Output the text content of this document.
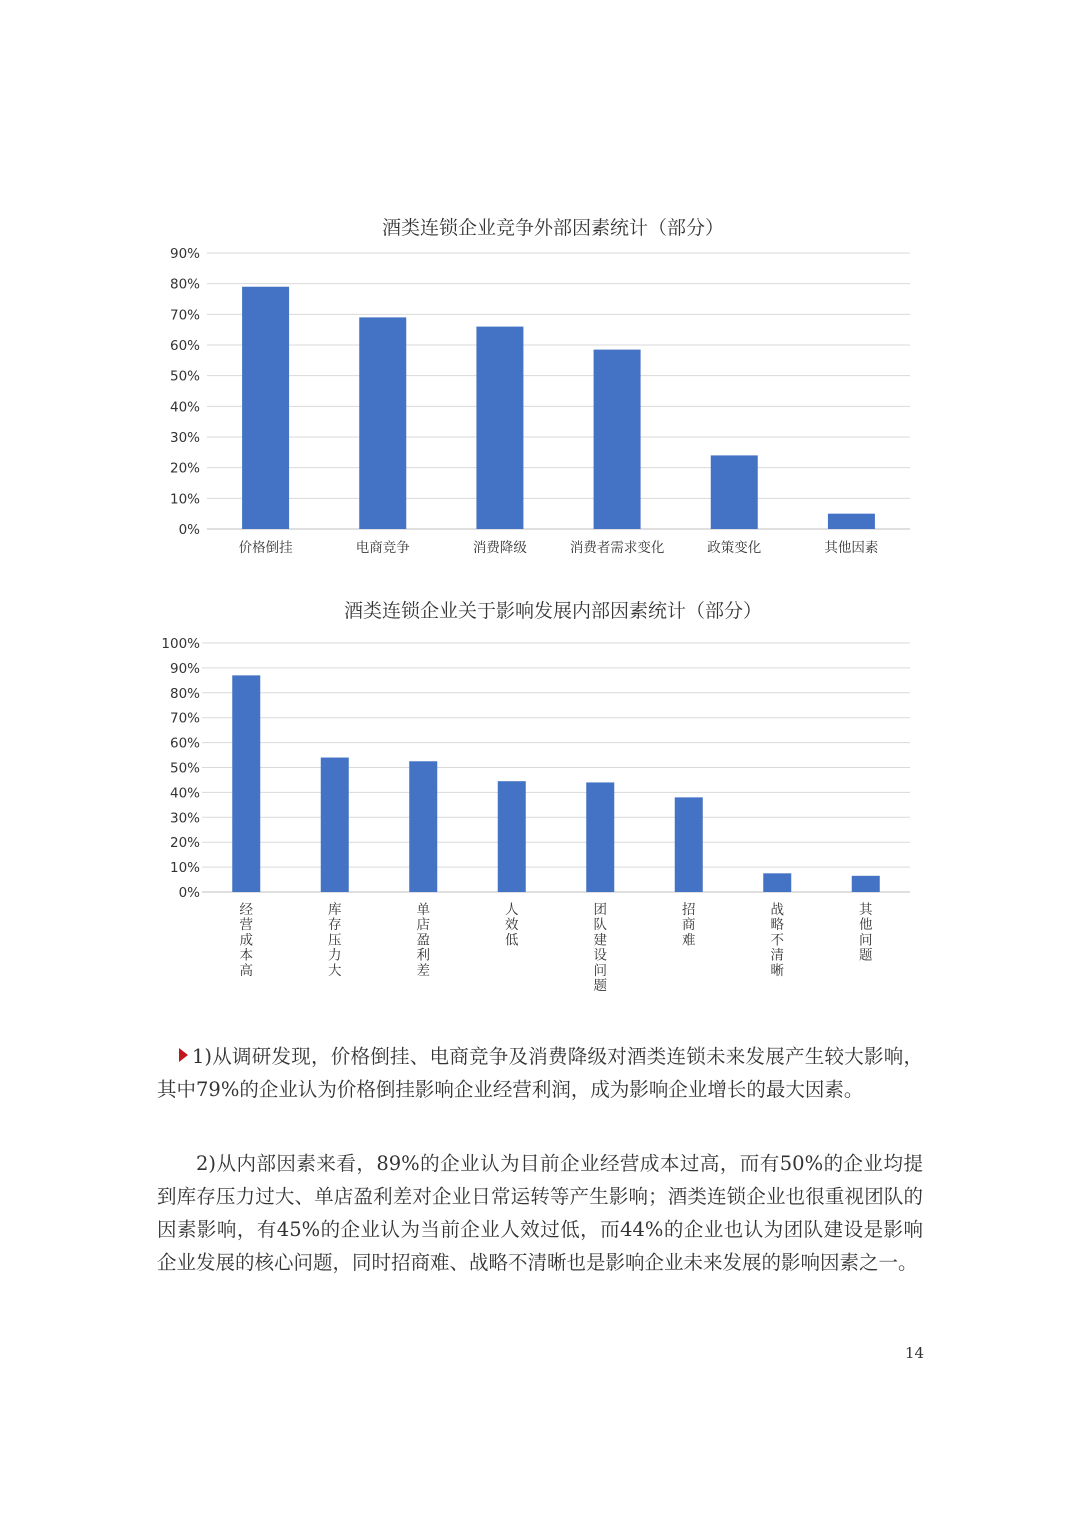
酒类连锁企业竞争外部因素统计（部分）
0%
10%
20%
30%
40%
50%
60%
70%
80%
90%
价格倒挂	电商竞争	消费降级	消费者需求变化	政策变化	其他因素
酒类连锁企业关于影响发展内部因素统计（部分）
0%
10%
20%
30%
40%
50%
60%
70%
80%
90%
100%
经营成本高
库存压力大
单店盈利差
人效低
团队建设问题
招商难
战略不清晰
其他问题
1)从调研发现，价格倒挂、电商竞争及消费降级对酒类连锁未来发展产生较大影响，其中79%的企业认为价格倒挂影响企业经营利润，成为影响企业增长的最大因素。
2)从内部因素来看，89%的企业认为目前企业经营成本过高，而有50%的企业均提到库存压力过大、单店盈利差对企业日常运转等产生影响；酒类连锁企业也很重视团队的因素影响，有45%的企业认为当前企业人效过低，而44%的企业也认为团队建设是影响企业发展的核心问题，同时招商难、战略不清晰也是影响企业未来发展的影响因素之一。
14
